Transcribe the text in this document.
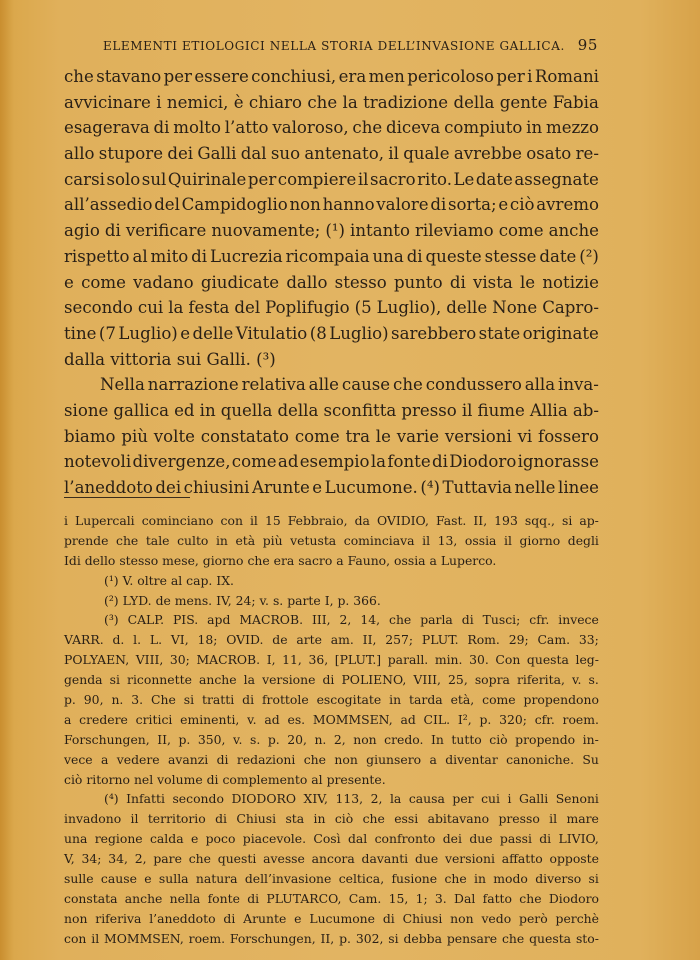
ELEMENTI ETIOLOGICI NELLA STORIA DELL’INVASIONE GALLICA. 95
che stavano per essere conchiusi, era men pericoloso per i Romani
avvicinare i nemici, è chiaro che la tradizione della gente Fabia
esagerava di molto l’atto valoroso, che diceva compiuto in mezzo
allo stupore dei Galli dal suo antenato, il quale avrebbe osato re-
carsi solo sul Quirinale per compiere il sacro rito. Le date assegnate
all’assedio del Campidoglio non hanno valore di sorta; e ciò avremo
agio di verificare nuovamente; (¹) intanto rileviamo come anche
rispetto al mito di Lucrezia ricompaia una di queste stesse date (²)
e come vadano giudicate dallo stesso punto di vista le notizie
secondo cui la festa del Poplifugio (5 Luglio), delle None Capro-
tine (7 Luglio) e delle Vitulatio (8 Luglio) sarebbero state originate
dalla vittoria sui Galli. (³)
Nella narrazione relativa alle cause che condussero alla inva-
sione gallica ed in quella della sconfitta presso il fiume Allia ab-
biamo più volte constatato come tra le varie versioni vi fossero
notevoli divergenze, come ad esempio la fonte di Diodoro ignorasse
l’aneddoto dei chiusini Arunte e Lucumone. (⁴) Tuttavia nelle linee
i Lupercali cominciano con il 15 Febbraio, da OVIDIO, Fast. II, 193 sqq., si ap-
prende che tale culto in età più vetusta cominciava il 13, ossia il giorno degli
Idi dello stesso mese, giorno che era sacro a Fauno, ossia a Luperco.
(¹) V. oltre al cap. IX.
(²) LYD. de mens. IV, 24; v. s. parte I, p. 366.
(³) CALP. PIS. apd MACROB. III, 2, 14, che parla di Tusci; cfr. invece
VARR. d. l. L. VI, 18; OVID. de arte am. II, 257; PLUT. Rom. 29; Cam. 33;
POLYAEN, VIII, 30; MACROB. I, 11, 36, [PLUT.] parall. min. 30. Con questa leg-
genda si riconnette anche la versione di POLIENO, VIII, 25, sopra riferita, v. s.
p. 90, n. 3. Che si tratti di frottole escogitate in tarda età, come propendono
a credere critici eminenti, v. ad es. MOMMSEN, ad CIL. I², p. 320; cfr. roem.
Forschungen, II, p. 350, v. s. p. 20, n. 2, non credo. In tutto ciò propendo in-
vece a vedere avanzi di redazioni che non giunsero a diventar canoniche. Su
ciò ritorno nel volume di complemento al presente.
(⁴) Infatti secondo DIODORO XIV, 113, 2, la causa per cui i Galli Senoni
invadono il territorio di Chiusi sta in ciò che essi abitavano presso il mare
una regione calda e poco piacevole. Così dal confronto dei due passi di LIVIO,
V, 34; 34, 2, pare che questi avesse ancora davanti due versioni affatto opposte
sulle cause e sulla natura dell’invasione celtica, fusione che in modo diverso si
constata anche nella fonte di PLUTARCO, Cam. 15, 1; 3. Dal fatto che Diodoro
non riferiva l’aneddoto di Arunte e Lucumone di Chiusi non vedo però perchè
con il MOMMSEN, roem. Forschungen, II, p. 302, si debba pensare che questa sto-
